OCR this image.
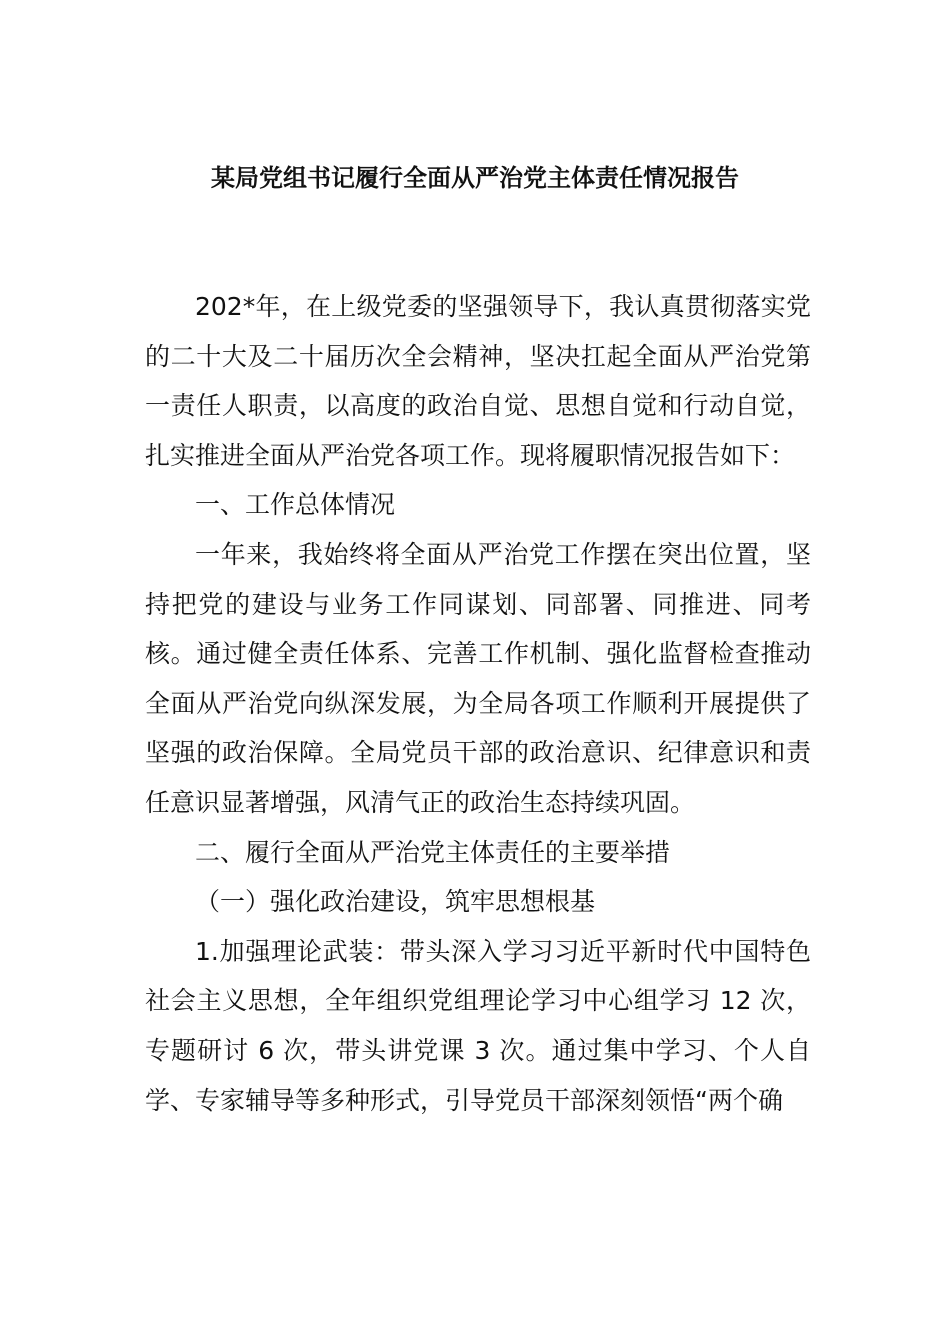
某局党组书记履行全面从严治党主体责任情况报告

202*年，在上级党委的坚强领导下，我认真贯彻落实党的二十大及二十届历次全会精神，坚决扛起全面从严治党第一责任人职责，以高度的政治自觉、思想自觉和行动自觉，扎实推进全面从严治党各项工作。现将履职情况报告如下：

一、工作总体情况

一年来，我始终将全面从严治党工作摆在突出位置，坚持把党的建设与业务工作同谋划、同部署、同推进、同考核。通过健全责任体系、完善工作机制、强化监督检查推动全面从严治党向纵深发展，为全局各项工作顺利开展提供了坚强的政治保障。全局党员干部的政治意识、纪律意识和责任意识显著增强，风清气正的政治生态持续巩固。

二、履行全面从严治党主体责任的主要举措

（一）强化政治建设，筑牢思想根基

1.加强理论武装：带头深入学习习近平新时代中国特色社会主义思想，全年组织党组理论学习中心组学习 12 次，专题研讨 6 次，带头讲党课 3 次。通过集中学习、个人自学、专家辅导等多种形式，引导党员干部深刻领悟“两个确
